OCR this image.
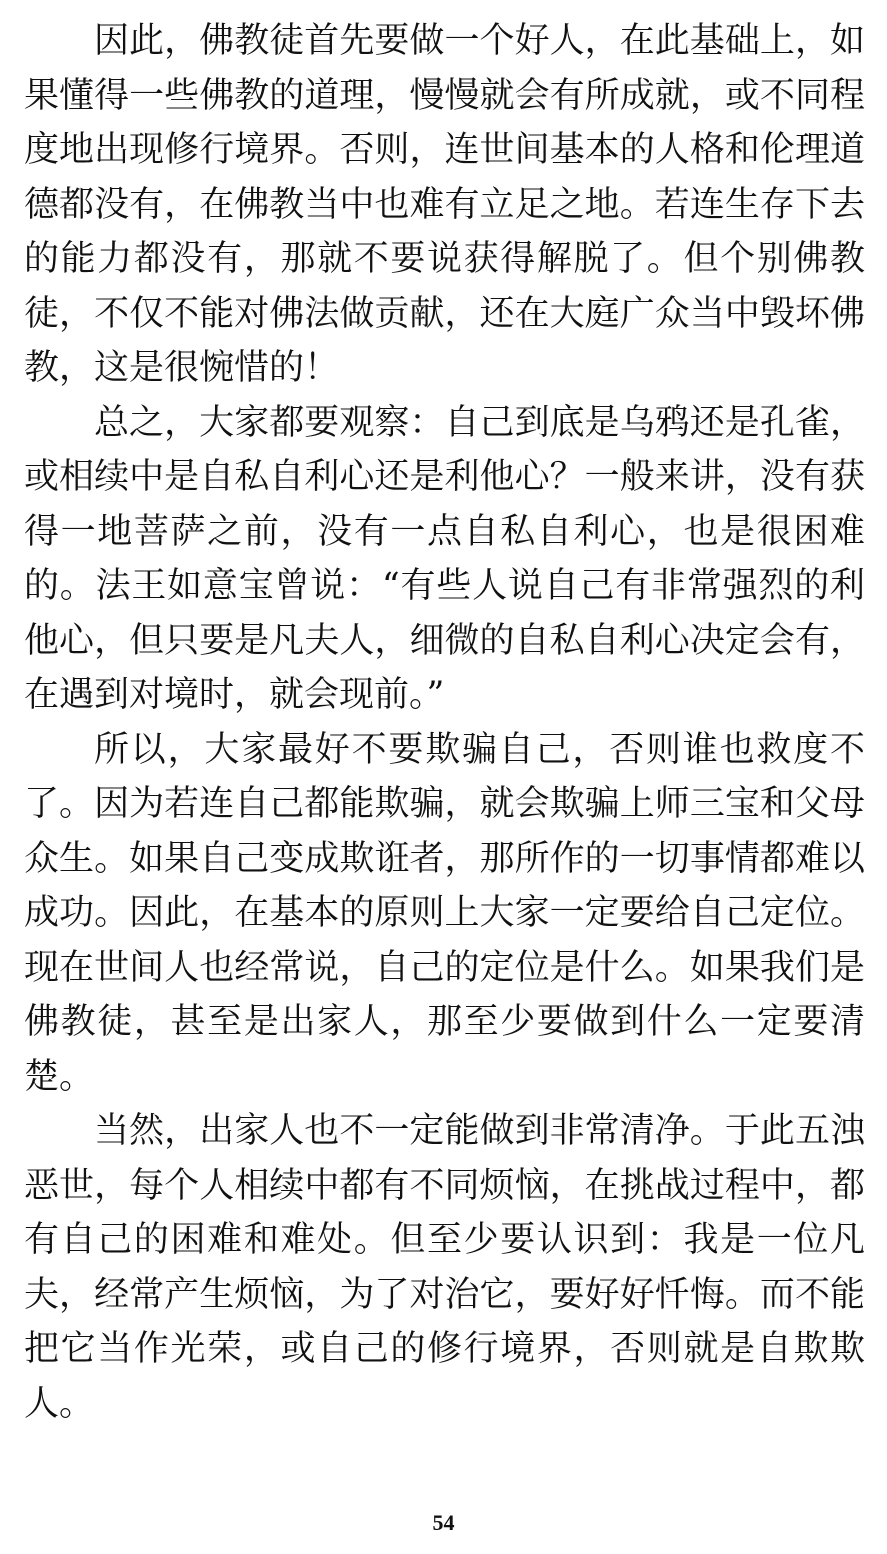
因此，佛教徒首先要做一个好人，在此基础上，如果懂得一些佛教的道理，慢慢就会有所成就，或不同程度地出现修行境界。否则，连世间基本的人格和伦理道德都没有，在佛教当中也难有立足之地。若连生存下去的能力都没有，那就不要说获得解脱了。但个别佛教徒，不仅不能对佛法做贡献，还在大庭广众当中毁坏佛教，这是很惋惜的！

总之，大家都要观察：自己到底是乌鸦还是孔雀，或相续中是自私自利心还是利他心？一般来讲，没有获得一地菩萨之前，没有一点自私自利心，也是很困难的。法王如意宝曾说：“有些人说自己有非常强烈的利他心，但只要是凡夫人，细微的自私自利心决定会有，在遇到对境时，就会现前。”

所以，大家最好不要欺骗自己，否则谁也救度不了。因为若连自己都能欺骗，就会欺骗上师三宝和父母众生。如果自己变成欺诳者，那所作的一切事情都难以成功。因此，在基本的原则上大家一定要给自己定位。现在世间人也经常说，自己的定位是什么。如果我们是佛教徒，甚至是出家人，那至少要做到什么一定要清楚。

当然，出家人也不一定能做到非常清净。于此五浊恶世，每个人相续中都有不同烦恼，在挑战过程中，都有自己的困难和难处。但至少要认识到：我是一位凡夫，经常产生烦恼，为了对治它，要好好忏悔。而不能把它当作光荣，或自己的修行境界，否则就是自欺欺人。

54
